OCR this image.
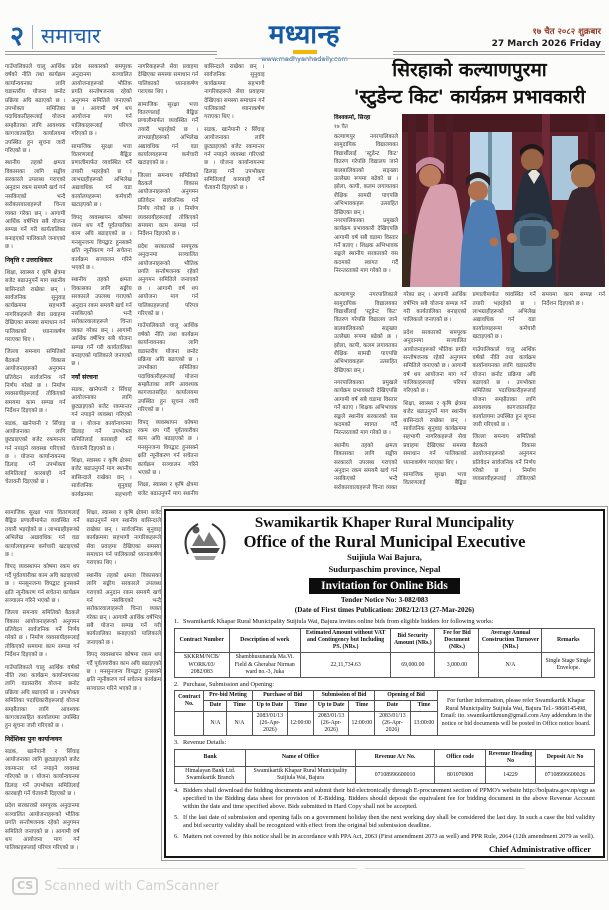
२ समाचार	मध्यान्ह
www.madhyanhadaily.com
१७ चैत २०८२ शुक्रबार
27 March 2026 Friday

गाउँपालिकाले चालु आर्थिक वर्षको नीति तथा कार्यक्रम कार्यान्वयनका लागि वडास्तरीय योजना छनोट प्रक्रिया अघि बढाएको छ । उपभोक्ता समितिका पदाधिकारीहरूलाई योजना सम्झौताका लागि आवश्यक कागजातसहित कार्यालयमा उपस्थित हुन सूचना जारी गरिएको छ ।

स्थानीय तहको क्षमता विकासका लागि सङ्घीय सरकारले उपलब्ध गराएको अनुदान रकम समयमै खर्च गर्न नसकिएको भन्दै सरोकारवालाहरूले चिन्ता व्यक्त गरेका छन् । आगामी आर्थिक वर्षभित्र सबै योजना सम्पन्न गर्ने गरी कार्यतालिका बनाइएको पालिकाले जनाएको छ ।

निवृत्ति र उत्तराधिकार

शिक्षा, स्वास्थ्य र कृषि क्षेत्रमा बजेट बढाउनुपर्ने माग स्थानीय बासिन्दाले राखेका छन् । सार्वजनिक सुनुवाइ कार्यक्रममा सहभागी नागरिकहरूले सेवा प्रवाहमा देखिएका समस्या समाधान गर्न पालिकाको ध्यानाकर्षण गराएका थिए ।

जिल्ला समन्वय समितिको बैठकले विकास आयोजनाहरूको अनुगमन प्रतिवेदन सार्वजनिक गर्ने निर्णय गरेको छ । निर्माण व्यवसायीहरूलाई तोकिएको समयमा काम सम्पन्न गर्न निर्देशन दिइएको छ ।

सडक, खानेपानी र सिँचाइ आयोजनाका लागि छुट्याइएको बजेट रकमान्तर गर्न नपाइने व्यवस्था गरिएको छ । योजना कार्यान्वयनमा ढिलाइ गर्ने उपभोक्ता समितिलाई कारबाही गर्ने चेतावनी दिइएको छ ।

प्रदेश सरकारको समपूरक अनुदानमा सञ्चालित आयोजनाहरूको भौतिक प्रगति सन्तोषजनक रहेको अनुगमन समितिले जनाएको छ । आगामी वर्ष थप आयोजना माग गर्न पालिकाहरूलाई परिपत्र गरिएको छ ।

सामाजिक सुरक्षा भत्ता वितरणलाई बैङ्किङ प्रणालीमार्फत व्यवस्थित गर्ने तयारी भइरहेको छ । लाभग्राहीहरूको अभिलेख अद्यावधिक गर्न वडा कार्यालयहरूमा कर्मचारी खटाइएको छ ।

विपद् व्यवस्थापन कोषमा रकम थप गर्दै पूर्वतयारीका काम अघि बढाइएको छ । मनसुनजन्य विपद्बाट हुनसक्ने क्षति न्यूनीकरण गर्न सचेतना कार्यक्रम सञ्चालन गरिने भएको छ ।

स्थानीय तहको क्षमता विकासका लागि सङ्घीय सरकारले उपलब्ध गराएको अनुदान रकम समयमै खर्च गर्न नसकिएको भन्दै सरोकारवालाहरूले चिन्ता व्यक्त गरेका छन् । आगामी आर्थिक वर्षभित्र सबै योजना सम्पन्न गर्ने गरी कार्यतालिका बनाइएको पालिकाले जनाएको छ ।

नयाँ संरचना

सडक, खानेपानी र सिँचाइ आयोजनाका लागि छुट्याइएको बजेट रकमान्तर गर्न नपाइने व्यवस्था गरिएको छ । योजना कार्यान्वयनमा ढिलाइ गर्ने उपभोक्ता समितिलाई कारबाही गर्ने चेतावनी दिइएको छ ।

शिक्षा, स्वास्थ्य र कृषि क्षेत्रमा बजेट बढाउनुपर्ने माग स्थानीय बासिन्दाले राखेका छन् । सार्वजनिक सुनुवाइ कार्यक्रममा सहभागी नागरिकहरूले सेवा प्रवाहमा देखिएका समस्या समाधान गर्न पालिकाको ध्यानाकर्षण गराएका थिए ।

सामाजिक सुरक्षा भत्ता वितरणलाई बैङ्किङ प्रणालीमार्फत व्यवस्थित गर्ने तयारी भइरहेको छ । लाभग्राहीहरूको अभिलेख अद्यावधिक गर्न वडा कार्यालयहरूमा कर्मचारी खटाइएको छ ।

जिल्ला समन्वय समितिको बैठकले विकास आयोजनाहरूको अनुगमन प्रतिवेदन सार्वजनिक गर्ने निर्णय गरेको छ । निर्माण व्यवसायीहरूलाई तोकिएको समयमा काम सम्पन्न गर्न निर्देशन दिइएको छ ।

प्रदेश सरकारको समपूरक अनुदानमा सञ्चालित आयोजनाहरूको भौतिक प्रगति सन्तोषजनक रहेको अनुगमन समितिले जनाएको छ । आगामी वर्ष थप आयोजना माग गर्न पालिकाहरूलाई परिपत्र गरिएको छ ।

गाउँपालिकाले चालु आर्थिक वर्षको नीति तथा कार्यक्रम कार्यान्वयनका लागि वडास्तरीय योजना छनोट प्रक्रिया अघि बढाएको छ । उपभोक्ता समितिका पदाधिकारीहरूलाई योजना सम्झौताका लागि आवश्यक कागजातसहित कार्यालयमा उपस्थित हुन सूचना जारी गरिएको छ ।

विपद् व्यवस्थापन कोषमा रकम थप गर्दै पूर्वतयारीका काम अघि बढाइएको छ । मनसुनजन्य विपद्बाट हुनसक्ने क्षति न्यूनीकरण गर्न सचेतना कार्यक्रम सञ्चालन गरिने भएको छ ।

शिक्षा, स्वास्थ्य र कृषि क्षेत्रमा बजेट बढाउनुपर्ने माग स्थानीय बासिन्दाले राखेका छन् । सार्वजनिक सुनुवाइ कार्यक्रममा सहभागी नागरिकहरूले सेवा प्रवाहमा देखिएका समस्या समाधान गर्न पालिकाको ध्यानाकर्षण गराएका थिए ।

सडक, खानेपानी र सिँचाइ आयोजनाका लागि छुट्याइएको बजेट रकमान्तर गर्न नपाइने व्यवस्था गरिएको छ । योजना कार्यान्वयनमा ढिलाइ गर्ने उपभोक्ता समितिलाई कारबाही गर्ने चेतावनी दिइएको छ ।

सिरहाको कल्याणपुरमा
'स्टुडेन्ट किट' कार्यक्रम प्रभावकारी
विश्वकर्मा, सिरहा
१७ चैत

कल्याणपुर नगरपालिकाले सामुदायिक विद्यालयका विद्यार्थीलाई 'स्टुडेन्ट किट' वितरण गरेपछि विद्यालय जाने बालबालिकाको सङ्ख्या उल्लेख्य रूपमा बढेको छ । झोला, कापी, कलम लगायतका शैक्षिक सामग्री पाएपछि अभिभावकहरू उत्साहित देखिएका छन् ।

नगरपालिकाका प्रमुखले कार्यक्रम प्रभावकारी देखिएपछि आगामी वर्ष सबै वडामा विस्तार गर्ने बताए । शिक्षक अभिभावक सङ्घले स्थानीय सरकारको यस कदमको स्वागत गर्दै निरन्तरताको माग गरेको छ ।

कल्याणपुर नगरपालिकाले सामुदायिक विद्यालयका विद्यार्थीलाई 'स्टुडेन्ट किट' वितरण गरेपछि विद्यालय जाने बालबालिकाको सङ्ख्या उल्लेख्य रूपमा बढेको छ । झोला, कापी, कलम लगायतका शैक्षिक सामग्री पाएपछि अभिभावकहरू उत्साहित देखिएका छन् ।

नगरपालिकाका प्रमुखले कार्यक्रम प्रभावकारी देखिएपछि आगामी वर्ष सबै वडामा विस्तार गर्ने बताए । शिक्षक अभिभावक सङ्घले स्थानीय सरकारको यस कदमको स्वागत गर्दै निरन्तरताको माग गरेको छ ।

स्थानीय तहको क्षमता विकासका लागि सङ्घीय सरकारले उपलब्ध गराएको अनुदान रकम समयमै खर्च गर्न नसकिएको भन्दै सरोकारवालाहरूले चिन्ता व्यक्त गरेका छन् । आगामी आर्थिक वर्षभित्र सबै योजना सम्पन्न गर्ने गरी कार्यतालिका बनाइएको पालिकाले जनाएको छ ।

प्रदेश सरकारको समपूरक अनुदानमा सञ्चालित आयोजनाहरूको भौतिक प्रगति सन्तोषजनक रहेको अनुगमन समितिले जनाएको छ । आगामी वर्ष थप आयोजना माग गर्न पालिकाहरूलाई परिपत्र गरिएको छ ।

शिक्षा, स्वास्थ्य र कृषि क्षेत्रमा बजेट बढाउनुपर्ने माग स्थानीय बासिन्दाले राखेका छन् । सार्वजनिक सुनुवाइ कार्यक्रममा सहभागी नागरिकहरूले सेवा प्रवाहमा देखिएका समस्या समाधान गर्न पालिकाको ध्यानाकर्षण गराएका थिए ।

सामाजिक सुरक्षा भत्ता वितरणलाई बैङ्किङ प्रणालीमार्फत व्यवस्थित गर्ने तयारी भइरहेको छ । लाभग्राहीहरूको अभिलेख अद्यावधिक गर्न वडा कार्यालयहरूमा कर्मचारी खटाइएको छ ।

गाउँपालिकाले चालु आर्थिक वर्षको नीति तथा कार्यक्रम कार्यान्वयनका लागि वडास्तरीय योजना छनोट प्रक्रिया अघि बढाएको छ । उपभोक्ता समितिका पदाधिकारीहरूलाई योजना सम्झौताका लागि आवश्यक कागजातसहित कार्यालयमा उपस्थित हुन सूचना जारी गरिएको छ ।

जिल्ला समन्वय समितिको बैठकले विकास आयोजनाहरूको अनुगमन प्रतिवेदन सार्वजनिक गर्ने निर्णय गरेको छ । निर्माण व्यवसायीहरूलाई तोकिएको समयमा काम सम्पन्न गर्न निर्देशन दिइएको छ ।

सामाजिक सुरक्षा भत्ता वितरणलाई बैङ्किङ प्रणालीमार्फत व्यवस्थित गर्ने तयारी भइरहेको छ । लाभग्राहीहरूको अभिलेख अद्यावधिक गर्न वडा कार्यालयहरूमा कर्मचारी खटाइएको छ ।

विपद् व्यवस्थापन कोषमा रकम थप गर्दै पूर्वतयारीका काम अघि बढाइएको छ । मनसुनजन्य विपद्बाट हुनसक्ने क्षति न्यूनीकरण गर्न सचेतना कार्यक्रम सञ्चालन गरिने भएको छ ।

जिल्ला समन्वय समितिको बैठकले विकास आयोजनाहरूको अनुगमन प्रतिवेदन सार्वजनिक गर्ने निर्णय गरेको छ । निर्माण व्यवसायीहरूलाई तोकिएको समयमा काम सम्पन्न गर्न निर्देशन दिइएको छ ।

गाउँपालिकाले चालु आर्थिक वर्षको नीति तथा कार्यक्रम कार्यान्वयनका लागि वडास्तरीय योजना छनोट प्रक्रिया अघि बढाएको छ । उपभोक्ता समितिका पदाधिकारीहरूलाई योजना सम्झौताका लागि आवश्यक कागजातसहित कार्यालयमा उपस्थित हुन सूचना जारी गरिएको छ ।

निर्देशिका पुनः कार्यान्वयन

सडक, खानेपानी र सिँचाइ आयोजनाका लागि छुट्याइएको बजेट रकमान्तर गर्न नपाइने व्यवस्था गरिएको छ । योजना कार्यान्वयनमा ढिलाइ गर्ने उपभोक्ता समितिलाई कारबाही गर्ने चेतावनी दिइएको छ ।

प्रदेश सरकारको समपूरक अनुदानमा सञ्चालित आयोजनाहरूको भौतिक प्रगति सन्तोषजनक रहेको अनुगमन समितिले जनाएको छ । आगामी वर्ष थप आयोजना माग गर्न पालिकाहरूलाई परिपत्र गरिएको छ ।

शिक्षा, स्वास्थ्य र कृषि क्षेत्रमा बजेट बढाउनुपर्ने माग स्थानीय बासिन्दाले राखेका छन् । सार्वजनिक सुनुवाइ कार्यक्रममा सहभागी नागरिकहरूले सेवा प्रवाहमा देखिएका समस्या समाधान गर्न पालिकाको ध्यानाकर्षण गराएका थिए ।

स्थानीय तहको क्षमता विकासका लागि सङ्घीय सरकारले उपलब्ध गराएको अनुदान रकम समयमै खर्च गर्न नसकिएको भन्दै सरोकारवालाहरूले चिन्ता व्यक्त गरेका छन् । आगामी आर्थिक वर्षभित्र सबै योजना सम्पन्न गर्ने गरी कार्यतालिका बनाइएको पालिकाले जनाएको छ ।

विपद् व्यवस्थापन कोषमा रकम थप गर्दै पूर्वतयारीका काम अघि बढाइएको छ । मनसुनजन्य विपद्बाट हुनसक्ने क्षति न्यूनीकरण गर्न सचेतना कार्यक्रम सञ्चालन गरिने भएको छ ।

Swamikartik Khaper Rural Muncipality
Office of the Rural Municipal Executive
Suijiula Wai Bajura,
Sudurpaschim province, Nepal
Invitation for Online Bids
Tender Notice No: 3-082/083
(Date of First times Publication: 2082/12/13 (27-Mar-2026)
1. Swamikartik Khapar Rural Municipality Suijiula Wai, Bajura invites online bids from eligible bidders for following works:
Contract Number	Description of work	Estimated Amount without VAT and Contingency but Including PS. (NRs.)	Bid Security Amount (NRs.)	Fee for Bid Document (NRs.)	Average Annual Construction Turnover (NRs.)	Remarks
SKKRM/NCB/ WORK/03/ 2082/083	Shambhusunanda Ma.Vi. Field & Gherabar Nirman ward no.-3, Juka	22,11,734.63	69,000.00	3,000.00	N/A	Single Stage Single Envelope.
2. Purchase, Submission and Opening:
Contract No.	Pre-bid Meting		Purchase of Bid		Submission of Bid		Opening of Bid		For further information, please refer Swamikartik Khapar Rural Municipality Suijiula Wai, Bajura Tel.- 9868145498, Email: ito. swamikartikmun@gmail.com Any addendum in the notice or bid documents will be posted in Office notice board.
	Date	Time	Up to Date	Time	Up to Date	Time	Date	Time	
	N/A	N/A	2083/01/13 (26-Apr-2026)	12:00:00	2083/01/13 (26-Apr-2026)	12:00:00	2083/01/13 (26-Apr-2026)	13:00:00	
3. Revenue Details:
Bank	Name of Office	Revenue A/c No.	Office code	Revenue Heading No	Deposit A/c No
Himalayan Bank Ltd. Swamikartik Branch	Swamikartik Khapar Rural Municipality Suijiula Wai, Bajura	07108996600010	801076908	14229	07108996600026
4. Bidders shall download the bidding documents and submit their bid electronically through E-procurement section of PPMO's website http://bolpatra.gov.np/egp as specified in the Bidding data sheet for provision of E-Bidding. Bidders should deposit the equivalent fee for bidding document in the above Revenue Account within the date and time specified above. Bids submitted in Hard Copy shall not be accepted.
5. If the last date of submission and opening falls on a government holiday then the next working day shall be considered the last day. In such a case the bid validity and bid security validity shall be recognized with effect from the original bid submission deadline.
6. Matters not covered by this notice shall be in accordance with PPA Act, 2063 (First amendment 2073 as well) and PPR Rule, 2064 (12th amendment 2079 as well).
Chief Administrative officer
CS Scanned with CamScanner
